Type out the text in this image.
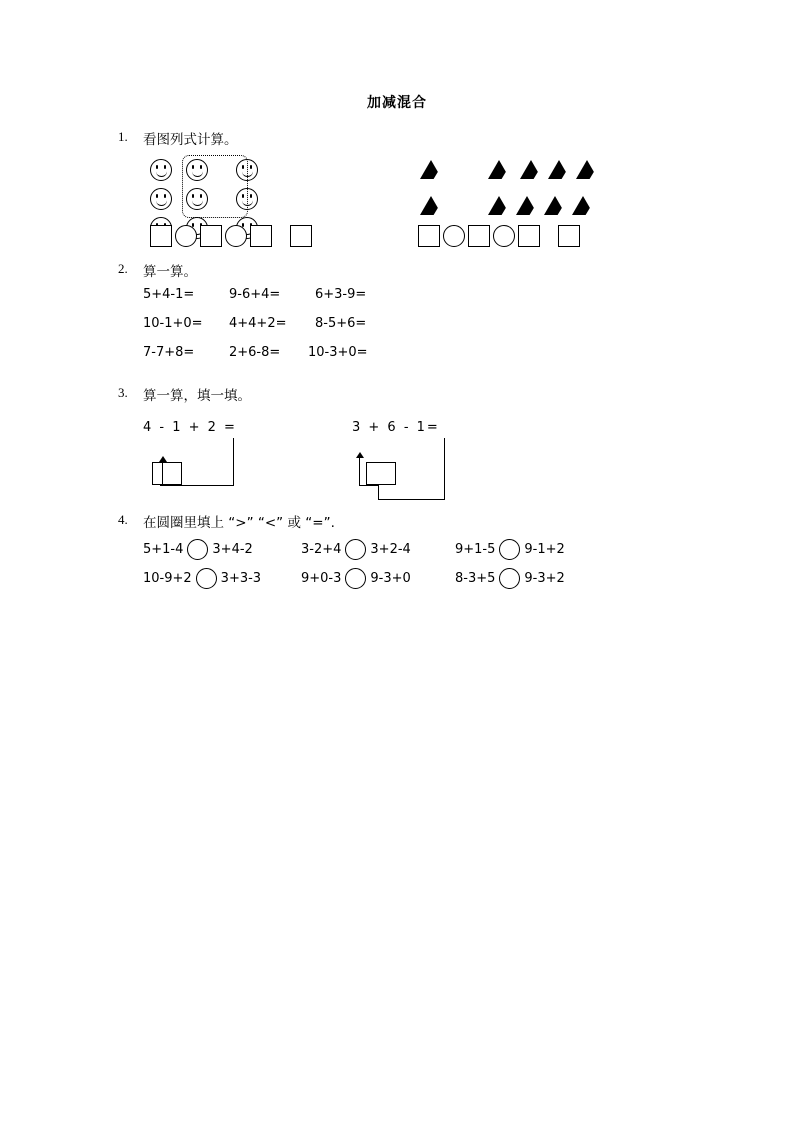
加减混合
1. 看图列式计算。
2. 算一算。
5+4-1=	9-6+4=	6+3-9=
10-1+0= 4+4+2= 8-5+6=
7-7+8=	2+6-8= 10-3+0=
3. 算一算，填一填。
4 - 1 + 2 =	3 + 6 - 1=
4. 在圆圈里填上 “>” “<” 或 “=”.
5+1-4 3+4-2	3-2+4 3+2-4	9+1-5 9-1+2
10-9+2 3+3-3	9+0-3 9-3+0	8-3+5 9-3+2
